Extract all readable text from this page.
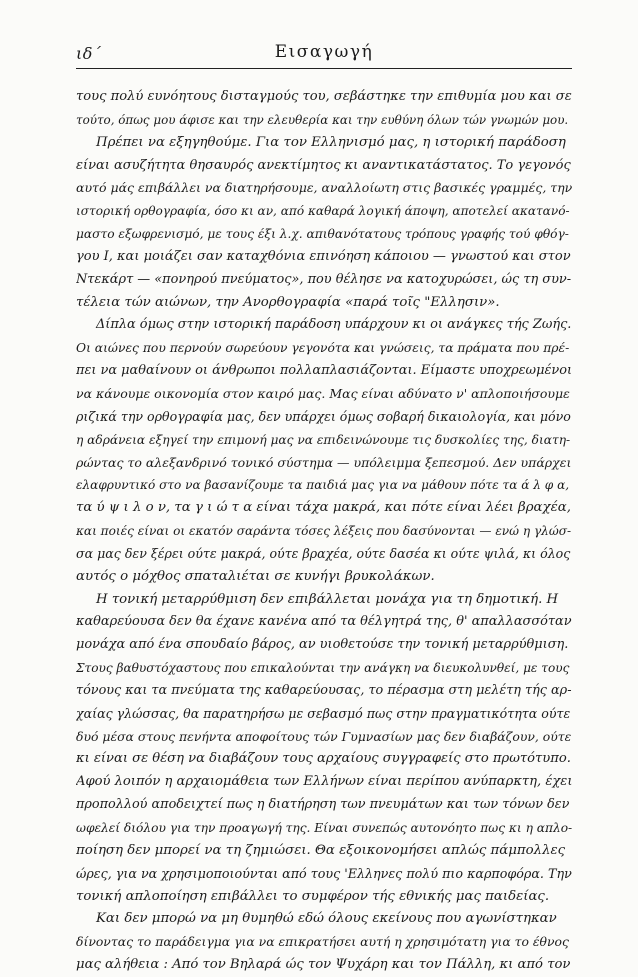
ιδ΄	Εισαγωγή
τους πολύ ευνόητους δισταγμούς του, σεβάστηκε την επιθυμία μου και σε
τούτο, όπως μου άφισε και την ελευθερία και την ευθύνη όλων τών γνωμών μου.
Πρέπει να εξηγηθούμε. Για τον Ελληνισμό μας, η ιστορική παράδοση
είναι ασυζήτητα θησαυρός ανεκτίμητος κι αναντικατάστατος. Το γεγονός
αυτό μάς επιβάλλει να διατηρήσουμε, αναλλοίωτη στις βασικές γραμμές, την
ιστορική ορθογραφία, όσο κι αν, από καθαρά λογική άποψη, αποτελεί ακατανό-
μαστο εξωφρενισμό, με τους έξι λ.χ. απιθανότατους τρόπους γραφής τού φθόγ-
γου Ι, και μοιάζει σαν καταχθόνια επινόηση κάποιου — γνωστού και στον
Ντεκάρτ — «πονηρού πνεύματος», που θέλησε να κατοχυρώσει, ώς τη συν-
τέλεια τών αιώνων, την Ανορθογραφία «παρά τοῖς "Ελλησιν».
Δίπλα όμως στην ιστορική παράδοση υπάρχουν κι οι ανάγκες τής Ζωής.
Οι αιώνες που περνούν σωρεύουν γεγονότα και γνώσεις, τα πράματα που πρέ-
πει να μαθαίνουν οι άνθρωποι πολλαπλασιάζονται. Είμαστε υποχρεωμένοι
να κάνουμε οικονομία στον καιρό μας. Μας είναι αδύνατο ν' απλοποιήσουμε
ριζικά την ορθογραφία μας, δεν υπάρχει όμως σοβαρή δικαιολογία, και μόνο
η αδράνεια εξηγεί την επιμονή μας να επιδεινώνουμε τις δυσκολίες της, διατη-
ρώντας το αλεξανδρινό τονικό σύστημα — υπόλειμμα ξεπεσμού. Δεν υπάρχει
ελαφρυντικό στο να βασανίζουμε τα παιδιά μας για να μάθουν πότε τα ά λ φ α,
τα ύ ψ ι λ ο ν, τα γ ι ώ τ α είναι τάχα μακρά, και πότε είναι λέει βραχέα,
και ποιές είναι οι εκατόν σαράντα τόσες λέξεις που δασύνονται — ενώ η γλώσ-
σα μας δεν ξέρει ούτε μακρά, ούτε βραχέα, ούτε δασέα κι ούτε ψιλά, κι όλος
αυτός ο μόχθος σπαταλιέται σε κυνήγι βρυκολάκων.
Η τονική μεταρρύθμιση δεν επιβάλλεται μονάχα για τη δημοτική. Η
καθαρεύουσα δεν θα έχανε κανένα από τα θέλγητρά της, θ' απαλλασσόταν
μονάχα από ένα σπουδαίο βάρος, αν υιοθετούσε την τονική μεταρρύθμιση.
Στους βαθυστόχαστους που επικαλούνται την ανάγκη να διευκολυνθεί, με τους
τόνους και τα πνεύματα της καθαρεύουσας, το πέρασμα στη μελέτη τής αρ-
χαίας γλώσσας, θα παρατηρήσω με σεβασμό πως στην πραγματικότητα ούτε
δυό μέσα στους πενήντα αποφοίτους τών Γυμνασίων μας δεν διαβάζουν, ούτε
κι είναι σε θέση να διαβάζουν τους αρχαίους συγγραφείς στο πρωτότυπο.
Αφού λοιπόν η αρχαιομάθεια των Ελλήνων είναι περίπου ανύπαρκτη, έχει
προπολλού αποδειχτεί πως η διατήρηση των πνευμάτων και των τόνων δεν
ωφελεί διόλου για την προαγωγή της. Είναι συνεπώς αυτονόητο πως κι η απλο-
ποίηση δεν μπορεί να τη ζημιώσει. Θα εξοικονομήσει απλώς πάμπολλες
ώρες, για να χρησιμοποιούνται από τους 'Ελληνες πολύ πιο καρποφόρα. Την
τονική απλοποίηση επιβάλλει το συμφέρον τής εθνικής μας παιδείας.
Και δεν μπορώ να μη θυμηθώ εδώ όλους εκείνους που αγωνίστηκαν
δίνοντας το παράδειγμα για να επικρατήσει αυτή η χρησιμότατη για το έθνος
μας αλήθεια : Από τον Βηλαρά ώς τον Ψυχάρη και τον Πάλλη, κι από τον
